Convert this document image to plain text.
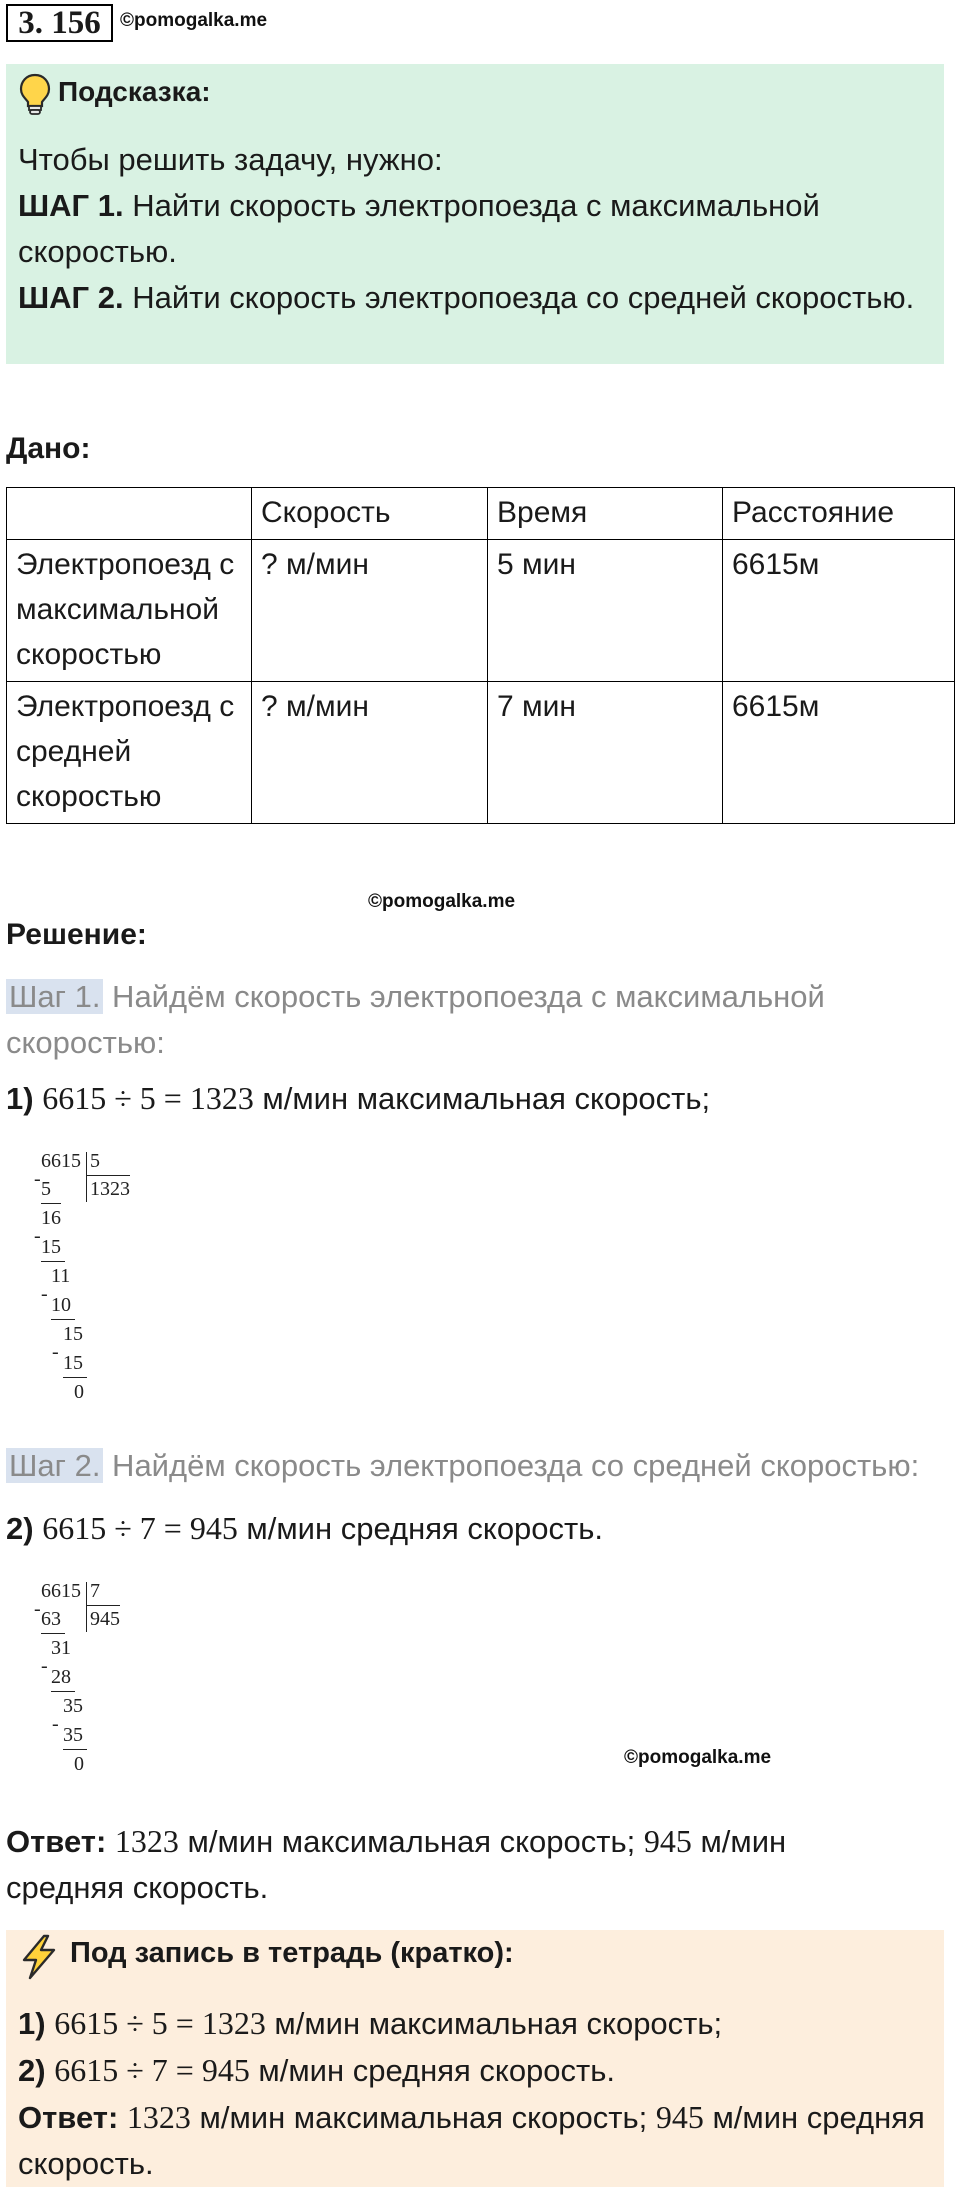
3. 156	©pomogalka.me
Подсказка:
Чтобы решить задачу, нужно:
ШАГ 1. Найти скорость электропоезда с максимальной скоростью.
ШАГ 2. Найти скорость электропоезда со средней скоростью.
Дано:
	Скорость	Время	Расстояние
Электропоезд с максимальной скоростью	? м/мин	5 мин	6615м
Электропоезд с средней скоростью	? м/мин	7 мин	6615м
©pomogalka.me
Решение:
Шаг 1. Найдём скорость электропоезда с максимальной скоростью:
1) 6615 ÷ 5 = 1323 м/мин максимальная скорость;
6615 5
1323
- 5
16
- 15
11
- 10
15
- 15
0
Шаг 2. Найдём скорость электропоезда со средней скоростью:
2) 6615 ÷ 7 = 945 м/мин средняя скорость.
6615 7
945
- 63
31
- 28
35
- 35
0	©pomogalka.me
Ответ: 1323 м/мин максимальная скорость; 945 м/мин средняя скорость.
Под запись в тетрадь (кратко):
1) 6615 ÷ 5 = 1323 м/мин максимальная скорость;
2) 6615 ÷ 7 = 945 м/мин средняя скорость.
Ответ: 1323 м/мин максимальная скорость; 945 м/мин средняя скорость.
